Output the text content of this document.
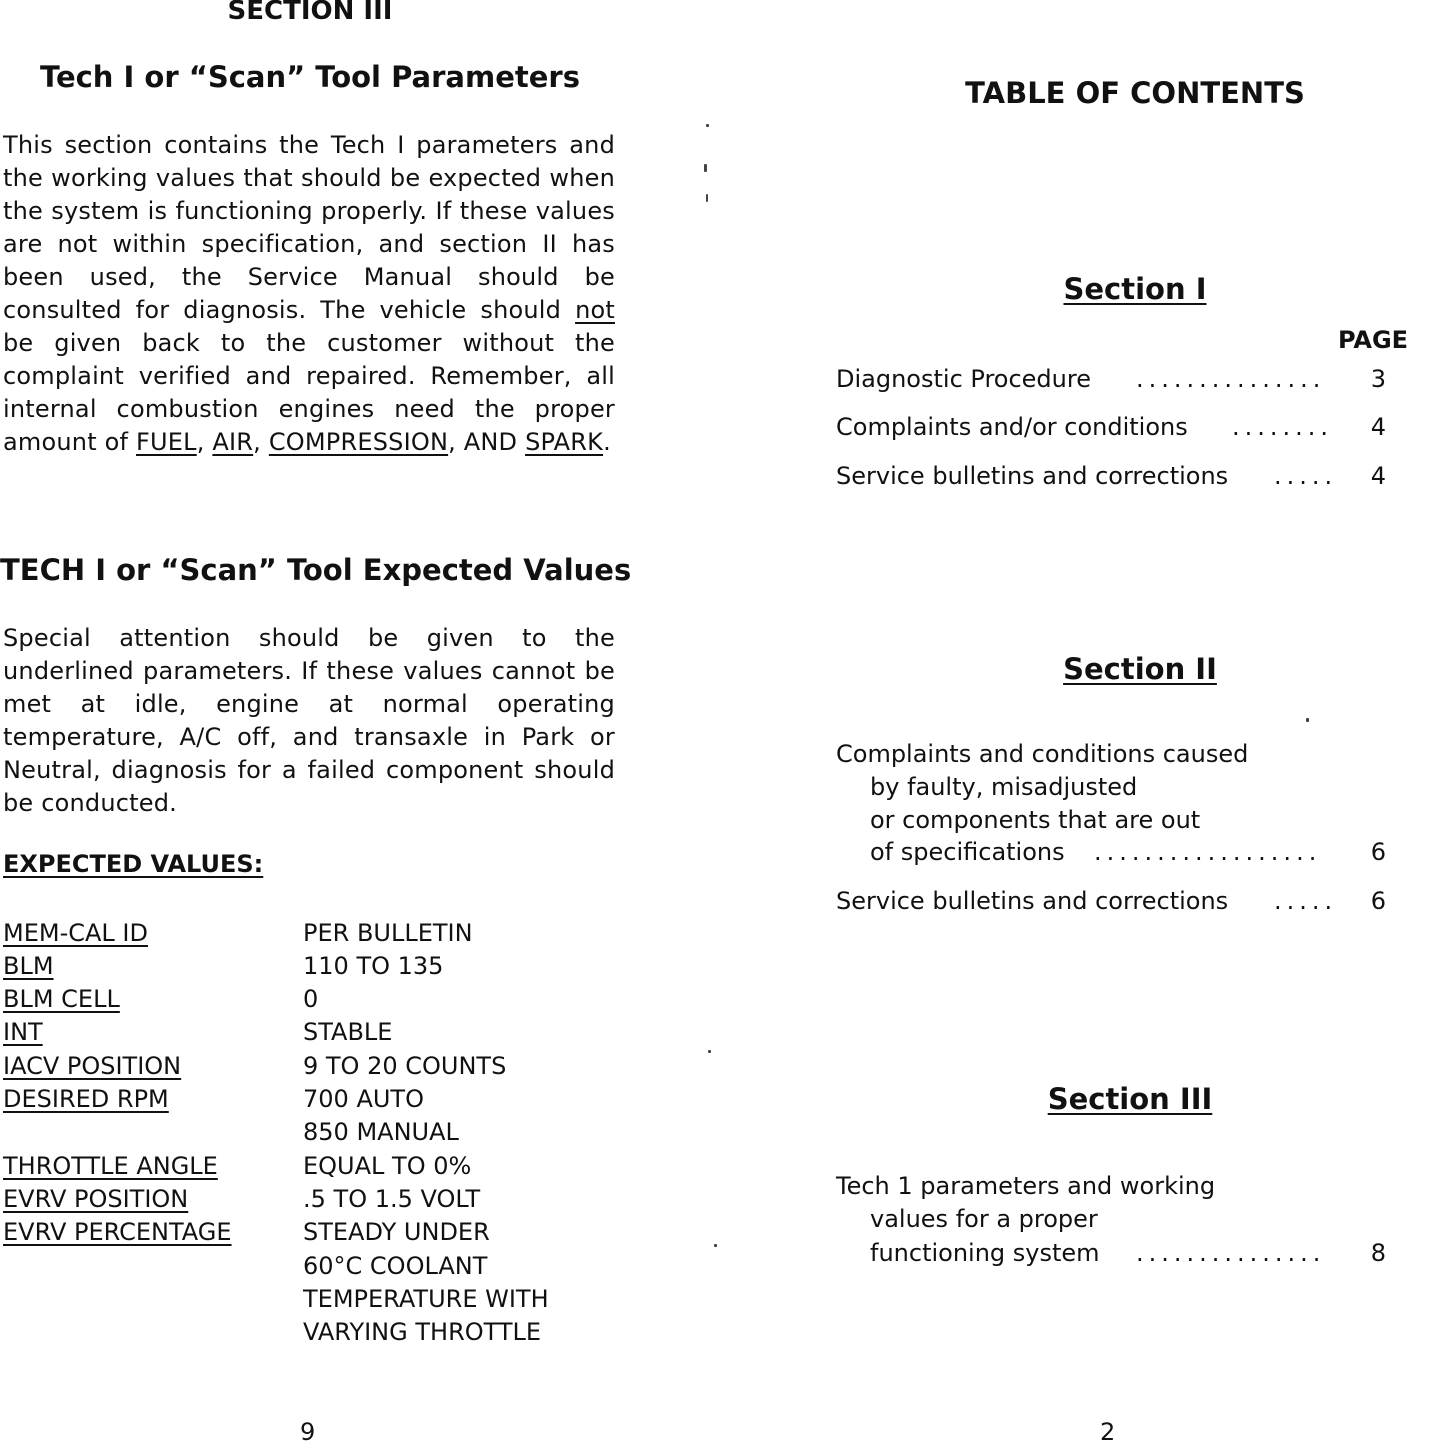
SECTION III
Tech I or “Scan” Tool Parameters
This section contains the Tech I parameters and the working values that should be expected when the system is functioning properly. If these values are not within specification, and section II has been used, the Service Manual should be consulted for diagnosis. The vehicle should not be given back to the customer without the complaint verified and repaired. Remember, all internal combustion engines need the proper amount of FUEL, AIR, COMPRESSION, AND SPARK.
TECH I or “Scan” Tool Expected Values
Special attention should be given to the underlined parameters. If these values cannot be met at idle, engine at normal operating temperature, A/C off, and transaxle in Park or Neutral, diagnosis for a failed component should be conducted.
EXPECTED VALUES:
MEM-CAL ID	PER BULLETIN
BLM	110 TO 135
BLM CELL	0
INT	STABLE
IACV POSITION	9 TO 20 COUNTS
DESIRED RPM	700 AUTO
850 MANUAL
THROTTLE ANGLE	EQUAL TO 0%
EVRV POSITION	.5 TO 1.5 VOLT
EVRV PERCENTAGE	STEADY UNDER
60°C COOLANT
TEMPERATURE WITH
VARYING THROTTLE
9
TABLE OF CONTENTS
Section I
PAGE
Diagnostic Procedure ............... 3
Complaints and/or conditions ........ 4
Service bulletins and corrections ..... 4
Section II
Complaints and conditions caused
by faulty, misadjusted
or components that are out
of specifications .................. 6
Service bulletins and corrections ..... 6
Section III
Tech 1 parameters and working
values for a proper
functioning system ............... 8
2
